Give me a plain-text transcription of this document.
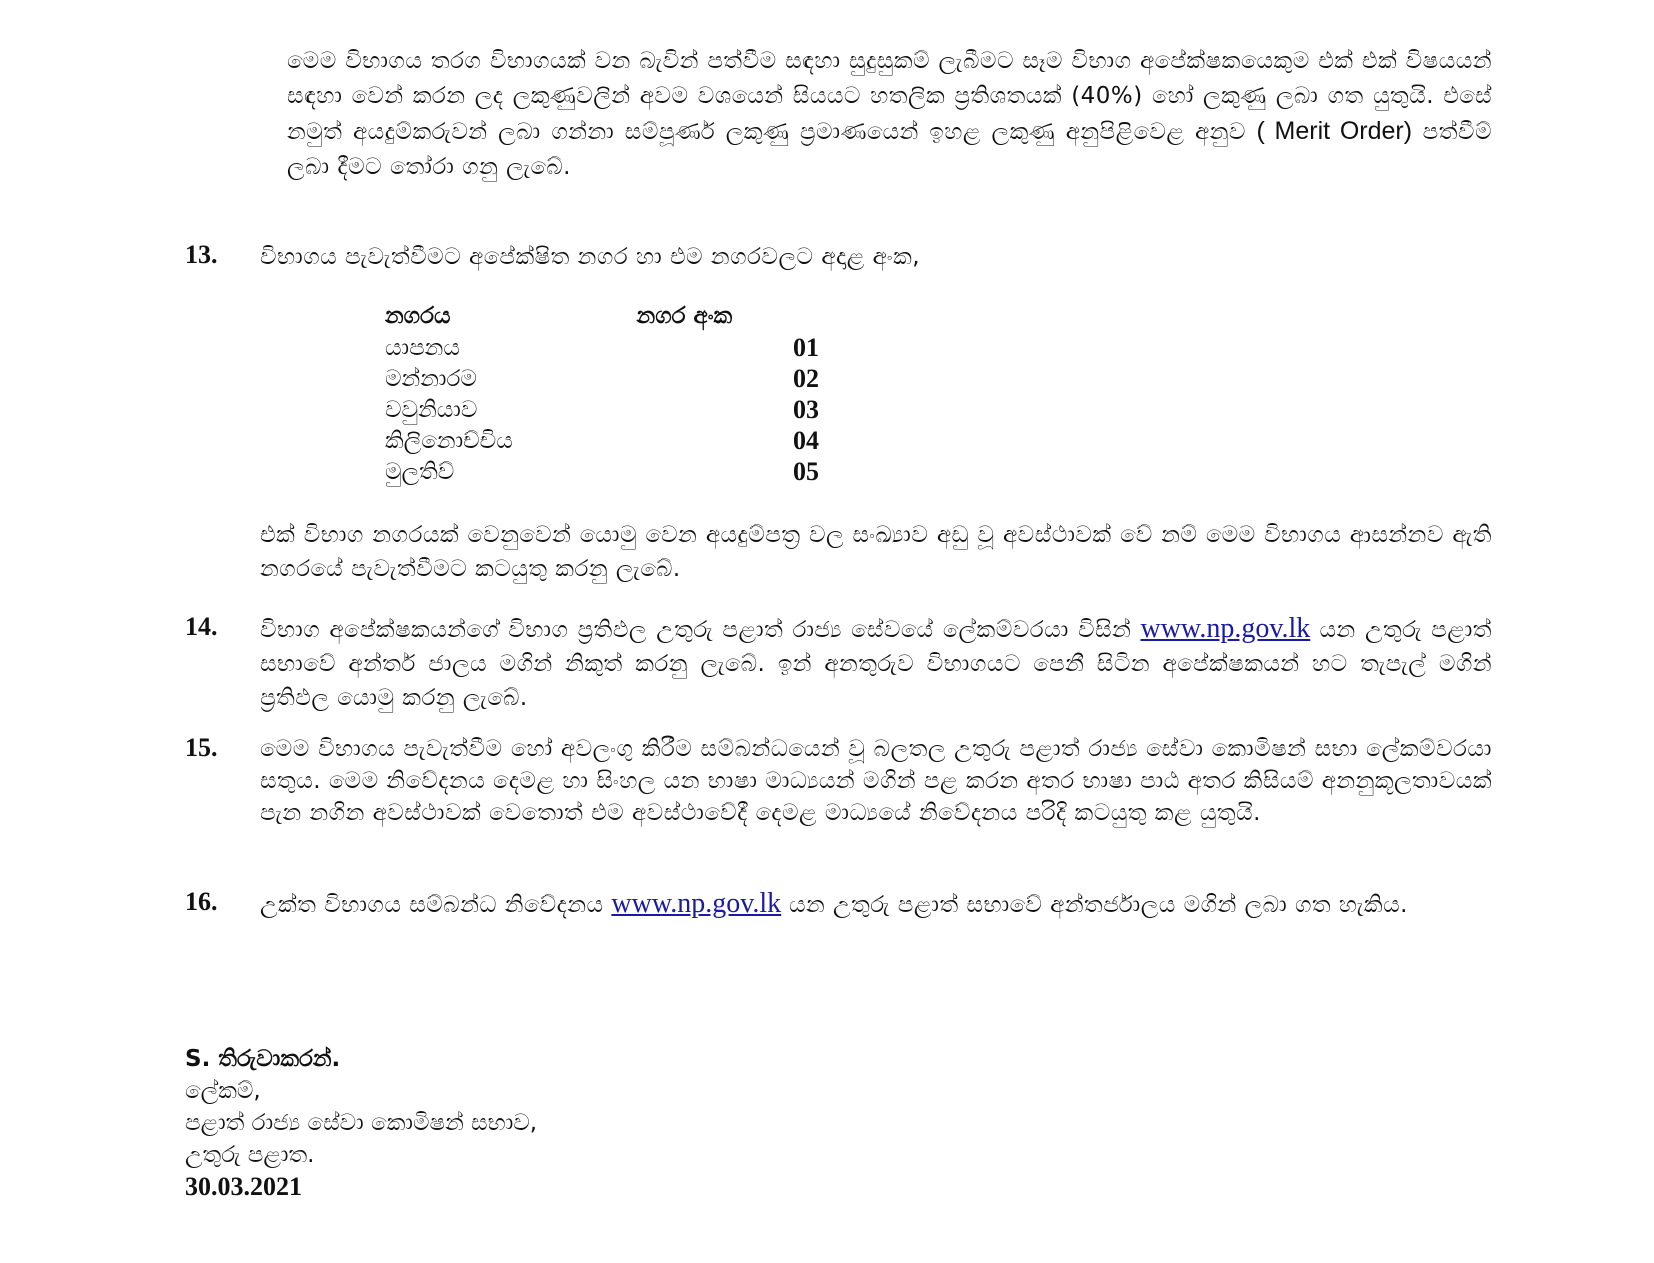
මෙම විභාගය තරග විභාගයක් වන බැවින් පත්වීම සඳහා සුදුසුකම් ලැබීමට සෑම විභාග අපේක්ෂකයෙකුම එක් එක් විෂයයන් සඳහා වෙන් කරන ලද ලකුණුවලින් අවම වශයෙන් සියයට හතලික ප්‍රතිශතයක් (40%) හෝ ලකුණු ලබා ගත යුතුයි. එසේ නමුත් අයදුම්කරුවන් ලබා ගන්නා සම්පූර්ණ ලකුණු ප්‍රමාණයෙන් ඉහළ ලකුණු අනුපිළිවෙළ අනුව ( Merit Order) පත්වීම් ලබා දීමට තෝරා ගනු ලැබේ.

13. විභාගය පැවැත්වීමට අපේක්ෂිත නගර හා එම නගරවලට අදාළ අංක,

නගරය	නගර අංක
යාපනය	01
මන්නාරම	02
වවුනියාව	03
කිලිනොච්චිය	04
මුලතිව්	05

එක් විභාග නගරයක් වෙනුවෙන් යොමු වෙන අයදුම්පත්‍ර වල සංඛ්‍යාව අඩු වූ අවස්ථාවක් වේ නම් මෙම විභාගය ආසන්නව ඇති නගරයේ පැවැත්වීමට කටයුතු කරනු ලැබේ.

14. විභාග අපේක්ෂකයන්ගේ විභාග ප්‍රතිඵල උතුරු පළාත් රාජ්‍ය සේවයේ ලේකම්වරයා විසින් www.np.gov.lk යන උතුරු පළාත් සභාවේ අන්තර් ජාලය මගින් නිකුත් කරනු ලැබේ. ඉන් අනතුරුව විභාගයට පෙනී සිටින අපේක්ෂකයන් හට තැපැල් මගින් ප්‍රතිඵල යොමු කරනු ලැබේ.

15. මෙම විභාගය පැවැත්වීම හෝ අවලංගු කිරීම සම්බන්ධයෙන් වූ බලතල උතුරු පළාත් රාජ්‍ය සේවා කොමිෂන් සභා ලේකම්වරයා සතුය. මෙම නිවේදනය දෙමළ හා සිංහල යන භාෂා මාධ්‍යයන් මගින් පළ කරන අතර භාෂා පාඨ අතර කිසියම් අනනුකූලතාවයක් පැන නගින අවස්ථාවක් වෙතොත් එම අවස්ථාවේදී දෙමළ මාධ්‍යයේ නිවේදනය පරිදි කටයුතු කළ යුතුයි.

16. උක්ත විභාගය සම්බන්ධ නිවේදනය www.np.gov.lk යන උතුරු පළාත් සභාවේ අන්තර්ජාලය මගින් ලබා ගත හැකිය.

S. තිරුවාකරන්.
ලේකම්,
පළාත් රාජ්‍ය සේවා කොමිෂන් සභාව,
උතුරු පළාත.
30.03.2021
